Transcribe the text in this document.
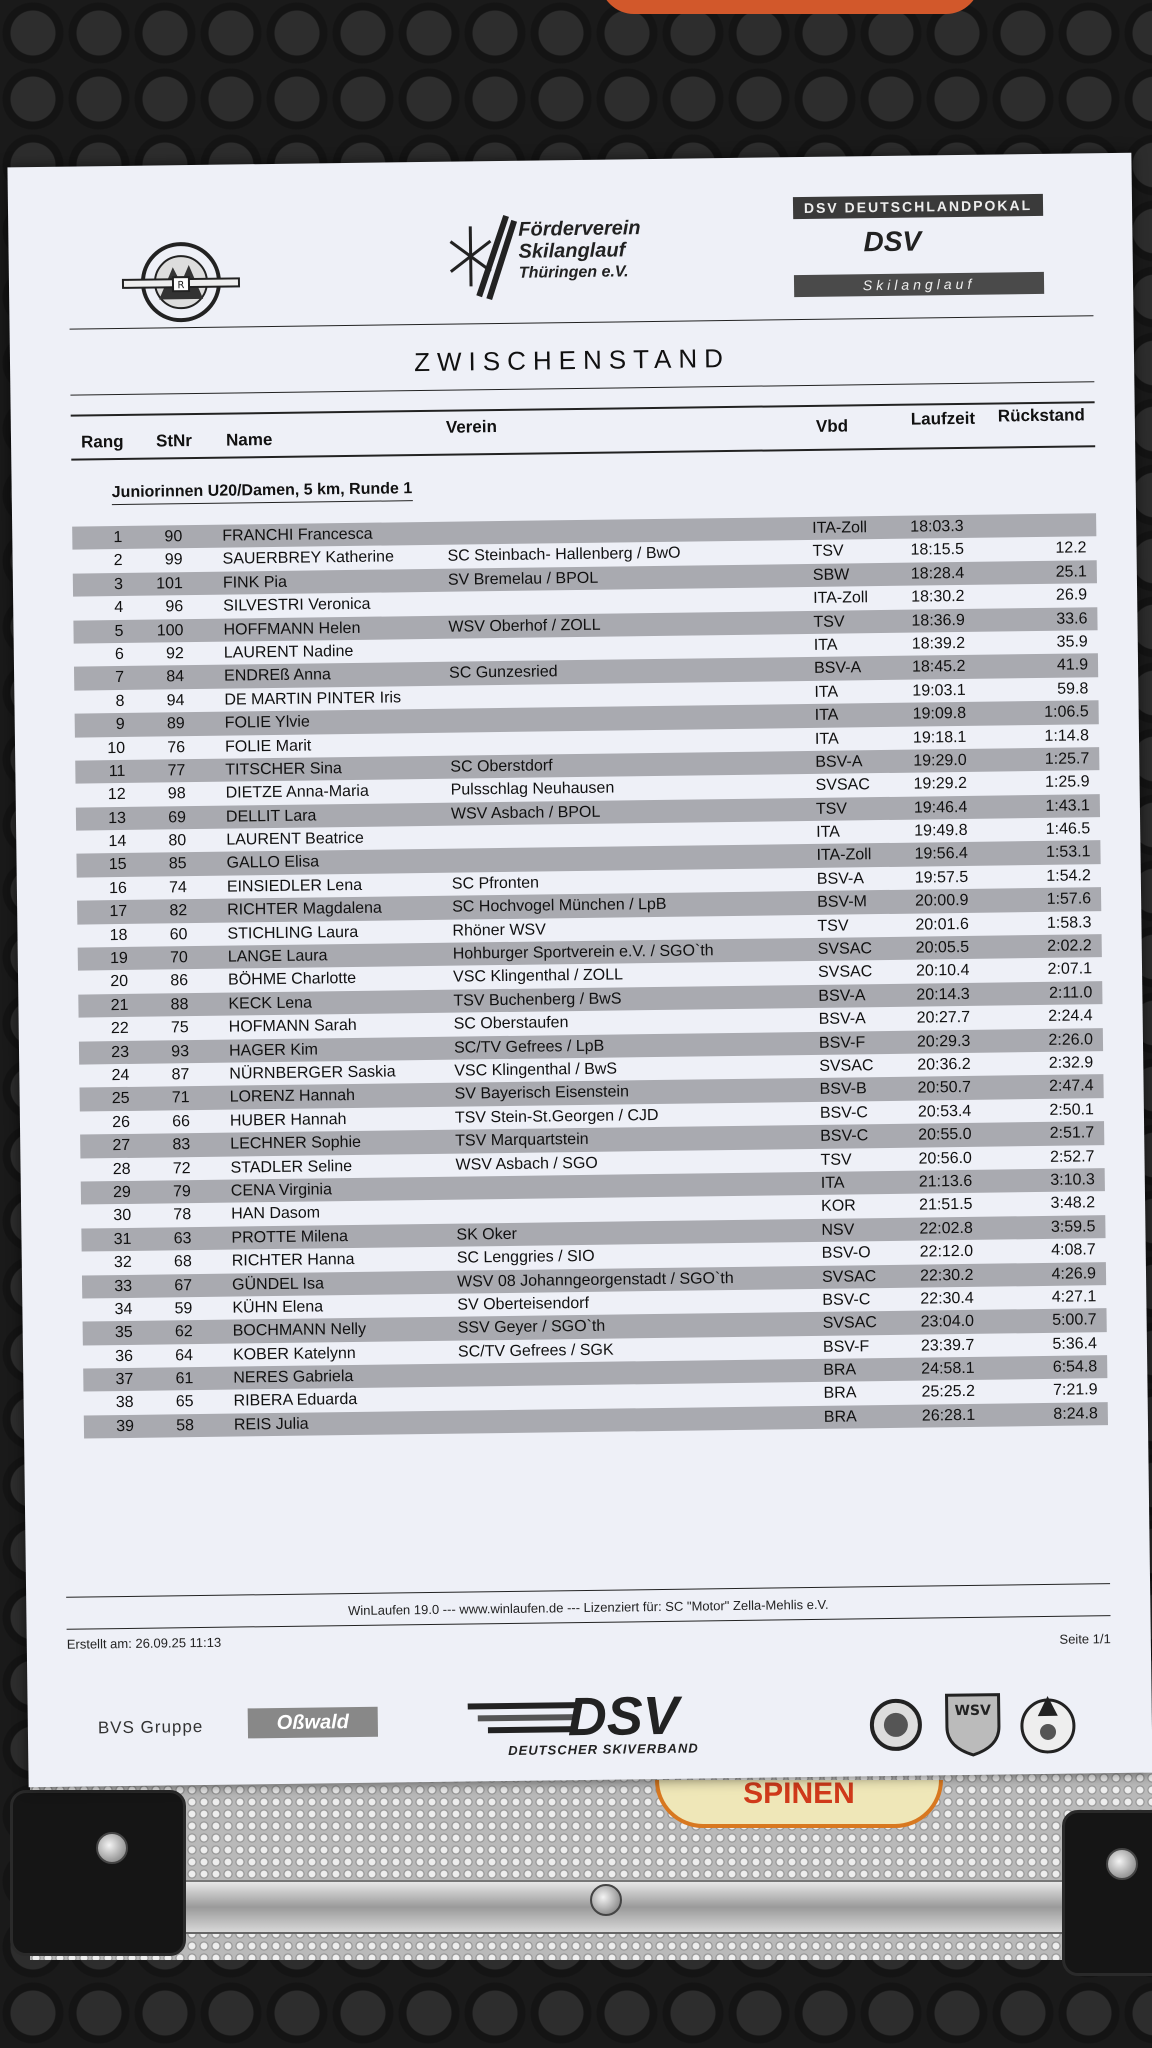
SPINEN
R
Förderverein
Skilanglauf
Thüringen e.V.
DSV DEUTSCHLANDPOKAL
DSV
Skilanglauf
ZWISCHENSTAND
Rang StNr Name
Verein	Vbd	Laufzeit Rückstand
Juniorinnen U20/Damen, 5 km, Runde 1
1	90 FRANCHI Francesca	ITA-Zoll	18:03.3
2	99 SAUERBREY Katherine	SC Steinbach- Hallenberg / BwO	TSV	18:15.5	12.2
3	101 FINK Pia	SV Bremelau / BPOL	SBW	18:28.4	25.1
4	96 SILVESTRI Veronica	ITA-Zoll	18:30.2	26.9
5	100 HOFFMANN Helen	WSV Oberhof / ZOLL	TSV	18:36.9	33.6
6	92 LAURENT Nadine	ITA	18:39.2	35.9
7	84 ENDREß Anna	SC Gunzesried	BSV-A	18:45.2	41.9
8	94 DE MARTIN PINTER Iris	ITA	19:03.1	59.8
9	89 FOLIE Ylvie	ITA	19:09.8	1:06.5
10	76 FOLIE Marit	ITA	19:18.1	1:14.8
11	77 TITSCHER Sina	SC Oberstdorf	BSV-A	19:29.0	1:25.7
12	98 DIETZE Anna-Maria	Pulsschlag Neuhausen	SVSAC	19:29.2	1:25.9
13	69 DELLIT Lara	WSV Asbach / BPOL	TSV	19:46.4	1:43.1
14	80 LAURENT Beatrice	ITA	19:49.8	1:46.5
15	85 GALLO Elisa	ITA-Zoll	19:56.4	1:53.1
16	74 EINSIEDLER Lena	SC Pfronten	BSV-A	19:57.5	1:54.2
17	82 RICHTER Magdalena	SC Hochvogel München / LpB	BSV-M	20:00.9	1:57.6
18	60 STICHLING Laura	Rhöner WSV	TSV	20:01.6	1:58.3
19	70 LANGE Laura	Hohburger Sportverein e.V. / SGO`th	SVSAC	20:05.5	2:02.2
20	86 BÖHME Charlotte	VSC Klingenthal / ZOLL	SVSAC	20:10.4	2:07.1
21	88 KECK Lena	TSV Buchenberg / BwS	BSV-A	20:14.3	2:11.0
22	75 HOFMANN Sarah	SC Oberstaufen	BSV-A	20:27.7	2:24.4
23	93 HAGER Kim	SC/TV Gefrees / LpB	BSV-F	20:29.3	2:26.0
24	87 NÜRNBERGER Saskia	VSC Klingenthal / BwS	SVSAC	20:36.2	2:32.9
25	71 LORENZ Hannah	SV Bayerisch Eisenstein	BSV-B	20:50.7	2:47.4
26	66 HUBER Hannah	TSV Stein-St.Georgen / CJD	BSV-C	20:53.4	2:50.1
27	83 LECHNER Sophie	TSV Marquartstein	BSV-C	20:55.0	2:51.7
28	72 STADLER Seline	WSV Asbach / SGO	TSV	20:56.0	2:52.7
29	79 CENA Virginia	ITA	21:13.6	3:10.3
30	78 HAN Dasom	KOR	21:51.5	3:48.2
31	63 PROTTE Milena	SK Oker	NSV	22:02.8	3:59.5
32	68 RICHTER Hanna	SC Lenggries / SIO	BSV-O	22:12.0	4:08.7
33	67 GÜNDEL Isa	WSV 08 Johanngeorgenstadt / SGO`th	SVSAC	22:30.2	4:26.9
34	59 KÜHN Elena	SV Oberteisendorf	BSV-C	22:30.4	4:27.1
35	62 BOCHMANN Nelly	SSV Geyer / SGO`th	SVSAC	23:04.0	5:00.7
36	64 KOBER Katelynn	SC/TV Gefrees / SGK	BSV-F	23:39.7	5:36.4
37	61 NERES Gabriela	BRA	24:58.1	6:54.8
38	65 RIBERA Eduarda	BRA	25:25.2	7:21.9
39	58 REIS Julia	BRA	26:28.1	8:24.8
WinLaufen 19.0 --- www.winlaufen.de --- Lizenziert für: SC "Motor" Zella-Mehlis e.V.
Erstellt am: 26.09.25 11:13	Seite 1/1
BVS Gruppe	Oßwald	DSV
DEUTSCHER SKIVERBAND
WSV
